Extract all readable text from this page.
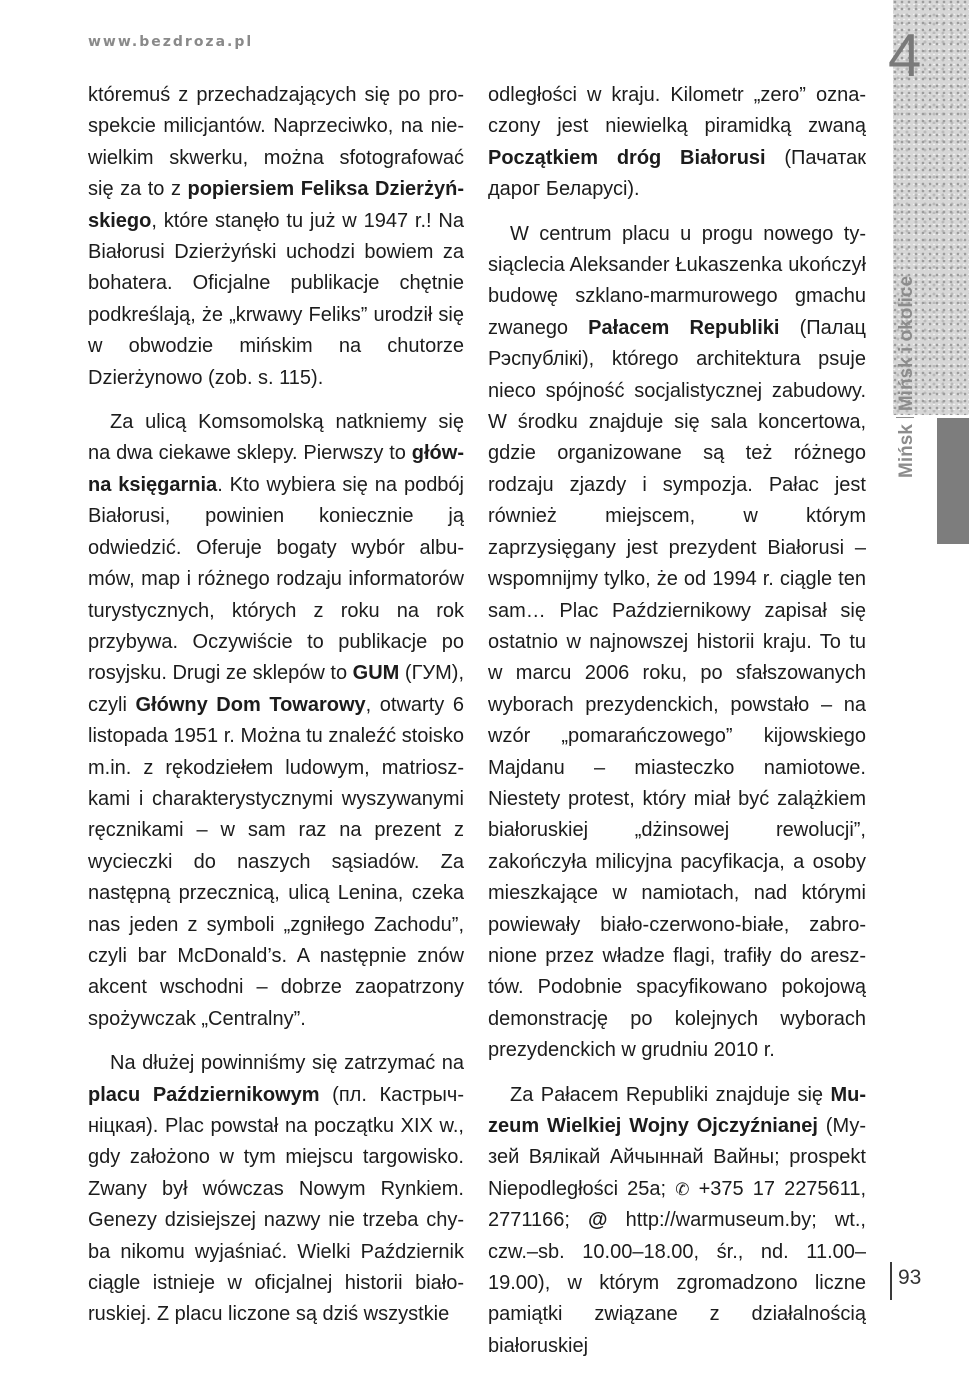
www.bezdroza.pl	4
MińskMińsk i okolice

któremuś z przechadzających się po prospekcie milicjantów. Naprzeciwko, na niewielkim skwerku, można sfotografować się za to z popiersiem Feliksa Dzierżyńskiego, które stanęło tu już w 1947 r.! Na Białorusi Dzierżyński uchodzi bowiem za bohatera. Oficjalne publikacje chętnie podkreślają, że „krwawy Feliks” urodził się w obwodzie mińskim na chutorze Dzierżynowo (zob. s. 115).

Za ulicą Komsomolską natkniemy się na dwa ciekawe sklepy. Pierwszy to główna księgarnia. Kto wybiera się na podbój Białorusi, powinien koniecznie ją odwiedzić. Oferuje bogaty wybór albumów, map i różnego rodzaju informatorów turystycznych, których z roku na rok przybywa. Oczywiście to publikacje po rosyjsku. Drugi ze sklepów to GUM (ГУМ), czyli Główny Dom Towarowy, otwarty 6 listopada 1951 r. Można tu znaleźć stoisko m.in. z rękodziełem ludowym, matrioszkami i charakterystycznymi wyszywanymi ręcznikami – w sam raz na prezent z wycieczki do naszych sąsiadów. Za następną przecznicą, ulicą Lenina, czeka nas jeden z symboli „zgniłego Zachodu”, czyli bar McDonald’s. A następnie znów akcent wschodni – dobrze zaopatrzony spożywczak „Centralny”.

Na dłużej powinniśmy się zatrzymać na placu Październikowym (пл. Кастрычніцкая). Plac powstał na początku XIX w., gdy założono w tym miejscu targowisko. Zwany był wówczas Nowym Rynkiem. Genezy dzisiejszej nazwy nie trzeba chyba nikomu wyjaśniać. Wielki Październik ciągle istnieje w oficjalnej historii białoruskiej. Z placu liczone są dziś wszystkie

odległości w kraju. Kilometr „zero” oznaczony jest niewielką piramidką zwaną Początkiem dróg Białorusi (Пачатак дарог Беларусі).

W centrum placu u progu nowego tysiąclecia Aleksander Łukaszenka ukończył budowę szklano-marmurowego gmachu zwanego Pałacem Republiki (Палац Рэспублікі), którego architektura psuje nieco spójność socjalistycznej zabudowy. W środku znajduje się sala koncertowa, gdzie organizowane są też różnego rodzaju zjazdy i sympozja. Pałac jest również miejscem, w którym zaprzysięgany jest prezydent Białorusi – wspomnijmy tylko, że od 1994 r. ciągle ten sam… Plac Październikowy zapisał się ostatnio w najnowszej historii kraju. To tu w marcu 2006 roku, po sfałszowanych wyborach prezydenckich, powstało – na wzór „pomarańczowego” kijowskiego Majdanu – miasteczko namiotowe. Niestety protest, który miał być zalążkiem białoruskiej „dżinsowej rewolucji”, zakończyła milicyjna pacyfikacja, a osoby mieszkające w namiotach, nad którymi powiewały biało-czerwono-białe, zabronione przez władze flagi, trafiły do aresztów. Podobnie spacyfikowano pokojową demonstrację po kolejnych wyborach prezydenckich w grudniu 2010 r.

Za Pałacem Republiki znajduje się Muzeum Wielkiej Wojny Ojczyźnianej (Музей Вялікай Айчыннай Вайны; prospekt Niepodległości 25a; ✆ +375 17 2275611, 2771166; @ http://warmuseum.by; wt., czw.–sb. 10.00–18.00, śr., nd. 11.00–19.00), w którym zgromadzono liczne pamiątki związane z działalnością białoruskiej

93
